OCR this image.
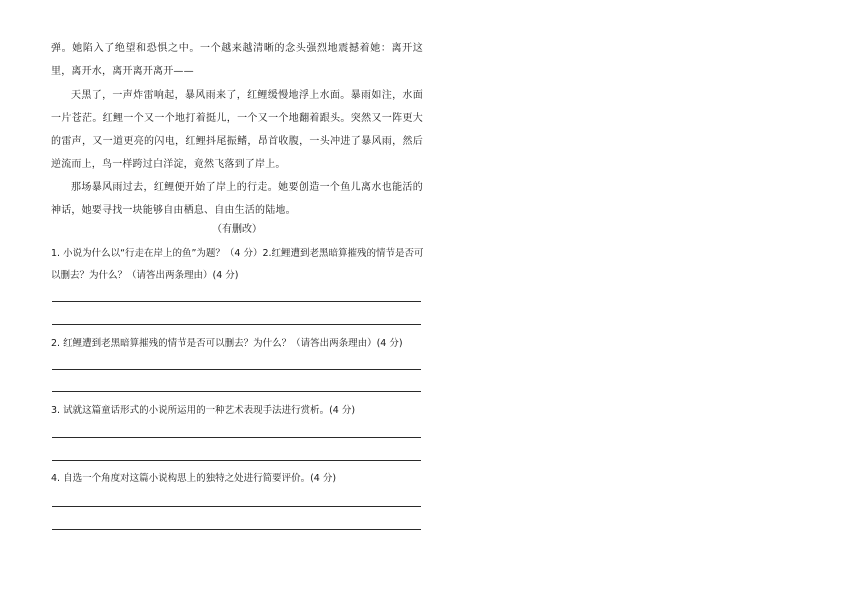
弹。她陷入了绝望和恐惧之中。一个越来越清晰的念头强烈地震撼着她：离开这里，离开水，离开离开离开——

天黑了，一声炸雷响起，暴风雨来了，红鲤缓慢地浮上水面。暴雨如注，水面一片苍茫。红鲤一个又一个地打着挺儿，一个又一个地翻着跟头。突然又一阵更大的雷声，又一道更亮的闪电，红鲤抖尾振鳍，昂首收腹，一头冲进了暴风雨，然后逆流而上，鸟一样跨过白洋淀，竟然飞落到了岸上。

那场暴风雨过去，红鲤便开始了岸上的行走。她要创造一个鱼儿离水也能活的神话，她要寻找一块能够自由栖息、自由生活的陆地。

（有删改）

1. 小说为什么以“行走在岸上的鱼”为题？（4 分）2.红鲤遭到老黑暗算摧残的情节是否可以删去？为什么？（请答出两条理由）(4 分)

2. 红鲤遭到老黑暗算摧残的情节是否可以删去？为什么？（请答出两条理由）(4 分)

3. 试就这篇童话形式的小说所运用的一种艺术表现手法进行赏析。(4 分)

4. 自选一个角度对这篇小说构思上的独特之处进行简要评价。(4 分)
